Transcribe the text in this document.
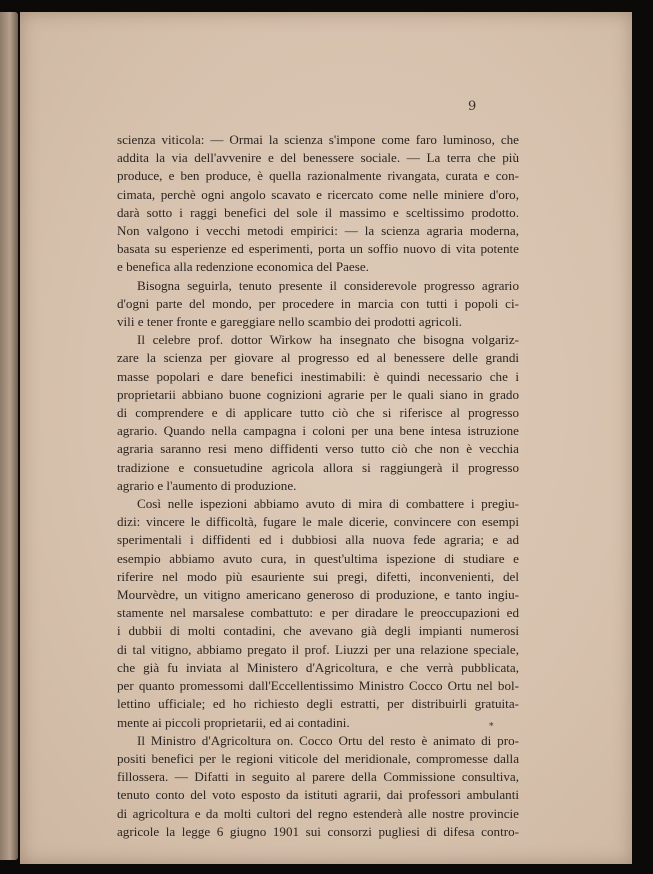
9
scienza viticola: — Ormai la scienza s'impone come faro luminoso, che
addita la via dell'avvenire e del benessere sociale. — La terra che più
produce, e ben produce, è quella razionalmente rivangata, curata e con-
cimata, perchè ogni angolo scavato e ricercato come nelle miniere d'oro,
darà sotto i raggi benefici del sole il massimo e sceltissimo prodotto.
Non valgono i vecchi metodi empirici: — la scienza agraria moderna,
basata su esperienze ed esperimenti, porta un soffio nuovo di vita potente
e benefica alla redenzione economica del Paese.
Bisogna seguirla, tenuto presente il considerevole progresso agrario
d'ogni parte del mondo, per procedere in marcia con tutti i popoli ci-
vili e tener fronte e gareggiare nello scambio dei prodotti agricoli.
Il celebre prof. dottor Wirkow ha insegnato che bisogna volgariz-
zare la scienza per giovare al progresso ed al benessere delle grandi
masse popolari e dare benefici inestimabili: è quindi necessario che i
proprietarii abbiano buone cognizioni agrarie per le quali siano in grado
di comprendere e di applicare tutto ciò che si riferisce al progresso
agrario. Quando nella campagna i coloni per una bene intesa istruzione
agraria saranno resi meno diffidenti verso tutto ciò che non è vecchia
tradizione e consuetudine agricola allora si raggiungerà il progresso
agrario e l'aumento di produzione.
Così nelle ispezioni abbiamo avuto di mira di combattere i pregiu-
dizi: vincere le difficoltà, fugare le male dicerie, convincere con esempi
sperimentali i diffidenti ed i dubbiosi alla nuova fede agraria; e ad
esempio abbiamo avuto cura, in quest'ultima ispezione di studiare e
riferire nel modo più esauriente sui pregi, difetti, inconvenienti, del
Mourvèdre, un vitigno americano generoso di produzione, e tanto ingiu-
stamente nel marsalese combattuto: e per diradare le preoccupazioni ed
i dubbii di molti contadini, che avevano già degli impianti numerosi
di tal vitigno, abbiamo pregato il prof. Liuzzi per una relazione speciale,
che già fu inviata al Ministero d'Agricoltura, e che verrà pubblicata,
per quanto promessomi dall'Eccellentissimo Ministro Cocco Ortu nel bol-
lettino ufficiale; ed ho richiesto degli estratti, per distribuirli gratuita-
mente ai piccoli proprietarii, ed ai contadini.
Il Ministro d'Agricoltura on. Cocco Ortu del resto è animato di pro-
positi benefici per le regioni viticole del meridionale, compromesse dalla
fillossera. — Difatti in seguito al parere della Commissione consultiva,
tenuto conto del voto esposto da istituti agrarii, dai professori ambulanti
di agricoltura e da molti cultori del regno estenderà alle nostre provincie
agricole la legge 6 giugno 1901 sui consorzi pugliesi di difesa contro-
*
